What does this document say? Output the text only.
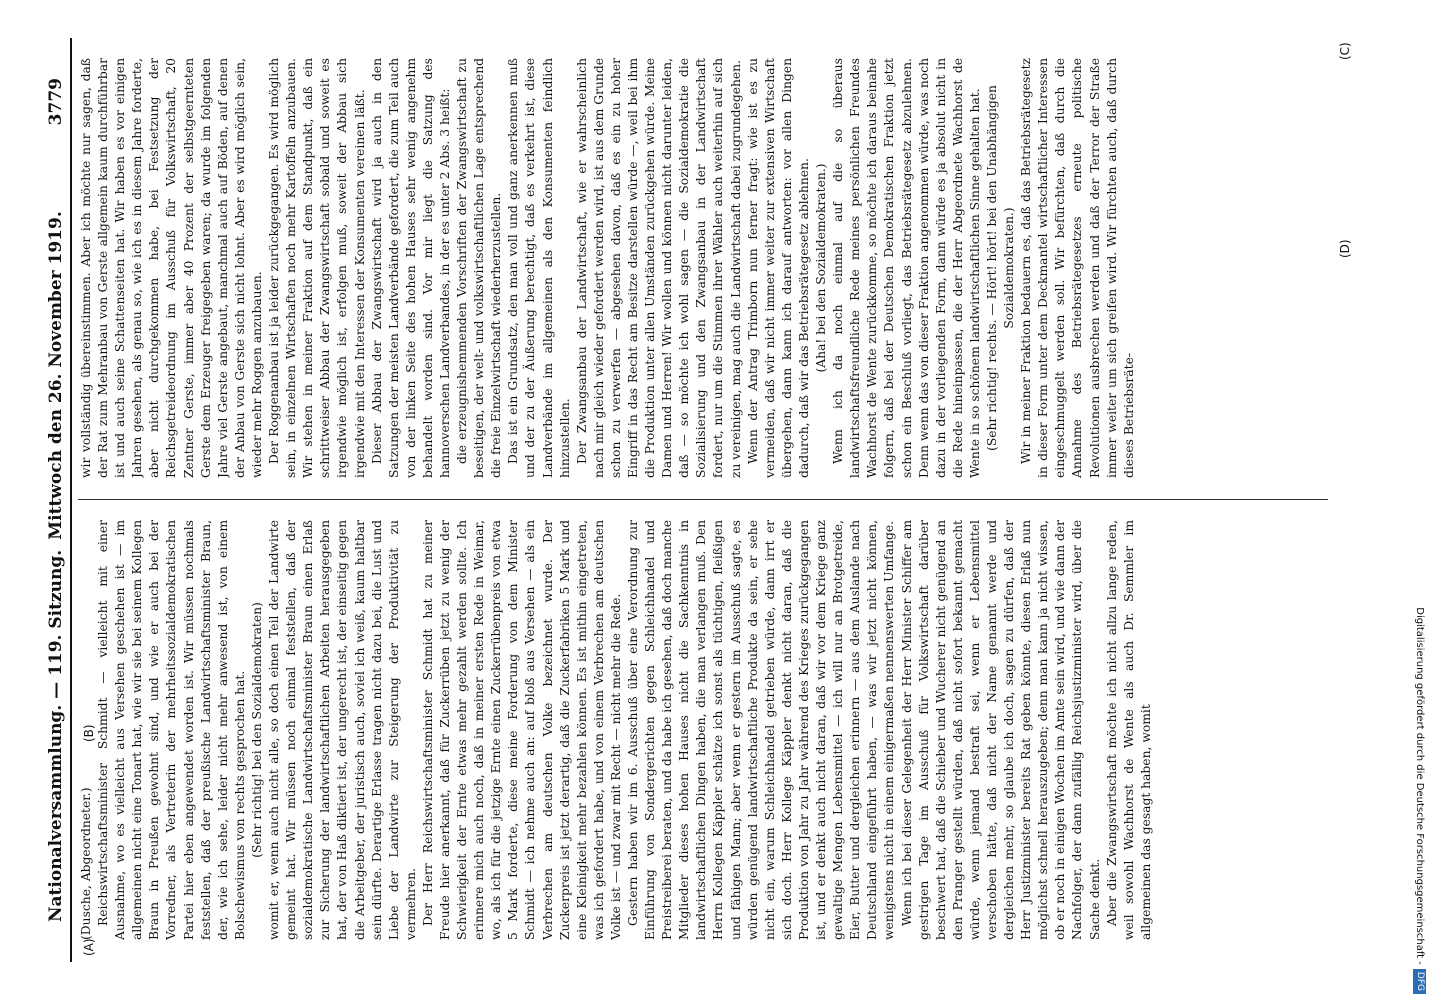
Nationalversammlung. — 119. Sitzung.
Mittwoch den 26. November 1919. 3779

(Dusche, Abgeordneter.) Reichswirtschaftsminister Schmidt — vielleicht mit einer Ausnahme, wo es vielleicht aus Versehen geschehen ist — im allgemeinen nicht eine Tonart hat, wie wir sie bei seinem Kollegen Braun in Preußen gewohnt sind, und wie er auch bei der Vorredner, als Vertreterin der mehrheitssozialdemokratischen Partei hier eben angewendet worden ist. Wir müssen nochmals feststellen, daß der preußische Landwirtschaftsminister Braun, der, wie ich sehe, leider nicht mehr anwesend ist, von einem Bolschewismus von rechts gesprochen hat. (Sehr richtig! bei den Sozialdemokraten) womit er, wenn auch nicht alle, so doch einen Teil der Landwirte gemeint hat. Wir müssen noch einmal feststellen, daß der sozialdemokratische Landwirtschaftsminister Braun einen Erlaß zur Sicherung der landwirtschaftlichen Arbeiten herausgegeben hat, der von Haß diktiert ist, der ungerecht ist, der einseitig gegen die Arbeitgeber, der juristisch auch, soviel ich weiß, kaum haltbar sein dürfte. Derartige Erlasse tragen nicht dazu bei, die Lust und Liebe der Landwirte zur Steigerung der Produktivität zu vermehren. Der Herr Reichswirtschaftsminister Schmidt hat zu meiner Freude hier anerkannt, daß für Zuckerrüben jetzt zu wenig der Schwierigkeit der Ernte etwas mehr gezahlt werden sollte. Ich erinnere mich auch noch, daß in meiner ersten Rede in Weimar, wo, als ich für die jetzige Ernte einen Zuckerrübenpreis von etwa 5 Mark forderte, diese meine Forderung von dem Minister Schmidt — ich nehme auch an: auf bloß aus Versehen — als ein Verbrechen am deutschen Volke bezeichnet wurde. Der Zuckerpreis ist jetzt derartig, daß die Zuckerfabriken 5 Mark und eine Kleinigkeit mehr bezahlen können. Es ist mithin eingetreten, was ich gefordert habe, und von einem Verbrechen am deutschen Volke ist — und zwar mit Recht — nicht mehr die Rede. Gestern haben wir im 6. Ausschuß über eine Verordnung zur Einführung von Sondergerichten gegen Schleichhandel und Preistreiberei beraten, und da habe ich gesehen, daß doch manche Mitglieder dieses hohen Hauses nicht die Sachkenntnis in landwirtschaftlichen Dingen haben, die man verlangen muß. Den Herrn Kollegen Käppler schätze ich sonst als tüchtigen, fleißigen und fähigen Mann; aber wenn er gestern im Ausschuß sagte, es würden genügend landwirtschaftliche Produkte da sein, er sehe nicht ein, warum Schleichhandel getrieben würde, dann irrt er sich doch. Herr Kollege Käppler denkt nicht daran, daß die Produktion von Jahr zu Jahr während des Krieges zurückgegangen ist, und er denkt auch nicht daran, daß wir vor dem Kriege ganz gewaltige Mengen Lebensmittel — ich will nur an Brotgetreide, Eier, Butter und dergleichen erinnern — aus dem Auslande nach Deutschland eingeführt haben, — was wir jetzt nicht können, wenigstens nicht in einem einigermaßen nennenswerten Umfange. Wenn ich bei dieser Gelegenheit der Herr Minister Schiffer am gestrigen Tage im Ausschuß für Volkswirtschaft darüber beschwert hat, daß die Schieber und Wucherer nicht genügend an den Pranger gestellt würden, daß nicht sofort bekannt gemacht würde, wenn jemand bestraft sei, wenn er Lebensmittel verschoben hätte, daß nicht der Name genannt werde und dergleichen mehr, so glaube ich doch, sagen zu dürfen, daß der Herr Justizminister bereits Rat geben könnte, diesen Erlaß nun möglichst schnell herauszugeben; denn man kann ja nicht wissen, ob er noch in einigen Wochen im Amte sein wird, und wie dann der Nachfolger, der dann zufällig Reichsjustizminister wird, über die Sache denkt. Aber die Zwangswirtschaft möchte ich nicht allzu lange reden, weil sowohl Wachhorst de Wente als auch Dr. Semmler im allgemeinen das gesagt haben, womit

wir vollständig übereinstimmen. Aber ich möchte nur sagen, daß der Rat zum Mehranbau von Gerste allgemein kaum durchführbar ist und auch seine Schattenseiten hat. Wir haben es vor einigen Jahren gesehen, als genau so, wie ich es in diesem Jahre forderte, aber nicht durchgekommen habe, bei Festsetzung der Reichsgetreideordnung im Ausschuß für Volkswirtschaft, 20 Zentner Gerste, immer aber 40 Prozent der selbstgeernteten Gerste dem Erzeuger freigegeben waren; da wurde im folgenden Jahre viel Gerste angebaut, manchmal auch auf Böden, auf denen der Anbau von Gerste sich nicht lohnt. Aber es wird möglich sein, wieder mehr Roggen anzubauen. Der Roggenanbau ist ja leider zurückgegangen. Es wird möglich sein, in einzelnen Wirtschaften noch mehr Kartoffeln anzubauen. Wir stehen in meiner Fraktion auf dem Standpunkt, daß ein schrittweiser Abbau der Zwangswirtschaft sobald und soweit es irgendwie möglich ist, erfolgen muß, soweit der Abbau sich irgendwie mit den Interessen der Konsumenten vereinen läßt. Dieser Abbau der Zwangswirtschaft wird ja auch in den Satzungen der meisten Landverbände gefordert, die zum Teil auch von der linken Seite des hohen Hauses sehr wenig angenehm behandelt worden sind. Vor mir liegt die Satzung des hannoverschen Landverbandes, in der es unter 2 Abs. 3 heißt: die erzeugnishemmenden Vorschriften der Zwangswirtschaft zu beseitigen, der welt- und volkswirtschaftlichen Lage entsprechend die freie Einzelwirtschaft wiederherzustellen. Das ist ein Grundsatz, den man voll und ganz anerkennen muß und der zu der Äußerung berechtigt, daß es verkehrt ist, diese Landverbände im allgemeinen als den Konsumenten feindlich hinzustellen. Der Zwangsanbau der Landwirtschaft, wie er wahrscheinlich nach mir gleich wieder gefordert werden wird, ist aus dem Grunde schon zu verwerfen — abgesehen davon, daß es ein zu hoher Eingriff in das Recht am Besitze darstellen würde —, weil bei ihm die Produktion unter allen Umständen zurückgehen würde. Meine Damen und Herren! Wir wollen und können nicht darunter leiden, daß — so möchte ich wohl sagen — die Sozialdemokratie die Sozialisierung und den Zwangsanbau in der Landwirtschaft fordert, nur um die Stimmen ihrer Wähler auch weiterhin auf sich zu vereinigen, mag auch die Landwirtschaft dabei zugrundegehen. Wenn der Antrag Trimborn nun ferner fragt: wie ist es zu vermeiden, daß wir nicht immer weiter zur extensiven Wirtschaft übergehen, dann kann ich darauf antworten: vor allen Dingen dadurch, daß wir das Betriebsrätegesetz ablehnen. (Aha! bei den Sozialdemokraten.) Wenn ich da noch einmal auf die so überaus landwirtschaftsfreundliche Rede meines persönlichen Freundes Wachhorst de Wente zurückkomme, so möchte ich daraus beinahe folgern, daß bei der Deutschen Demokratischen Fraktion jetzt schon ein Beschluß vorliegt, das Betriebsrätegesetz abzulehnen. Denn wenn das von dieser Fraktion angenommen würde, was noch dazu in der vorliegenden Form, dann würde es ja absolut nicht in die Rede hineinpassen, die der Herr Abgeordnete Wachhorst de Wente in so schönem landwirtschaftlichen Sinne gehalten hat. (Sehr richtig! rechts. — Hört! hört! bei den Unabhängigen Sozialdemokraten.) Wir in meiner Fraktion bedauern es, daß das Betriebsrätegesetz in dieser Form unter dem Deckmantel wirtschaftlicher Interessen eingeschmuggelt werden soll. Wir befürchten, daß durch die Annahme des Betriebsrätegesetzes erneute politische Revolutionen ausbrechen werden und daß der Terror der Straße immer weiter um sich greifen wird. Wir fürchten auch, daß durch dieses Betriebsräte-

(A)
(B)
(C)
(D)
Digitalisierung gefördert durch die Deutsche Forschungsgemeinschaft -DFG
